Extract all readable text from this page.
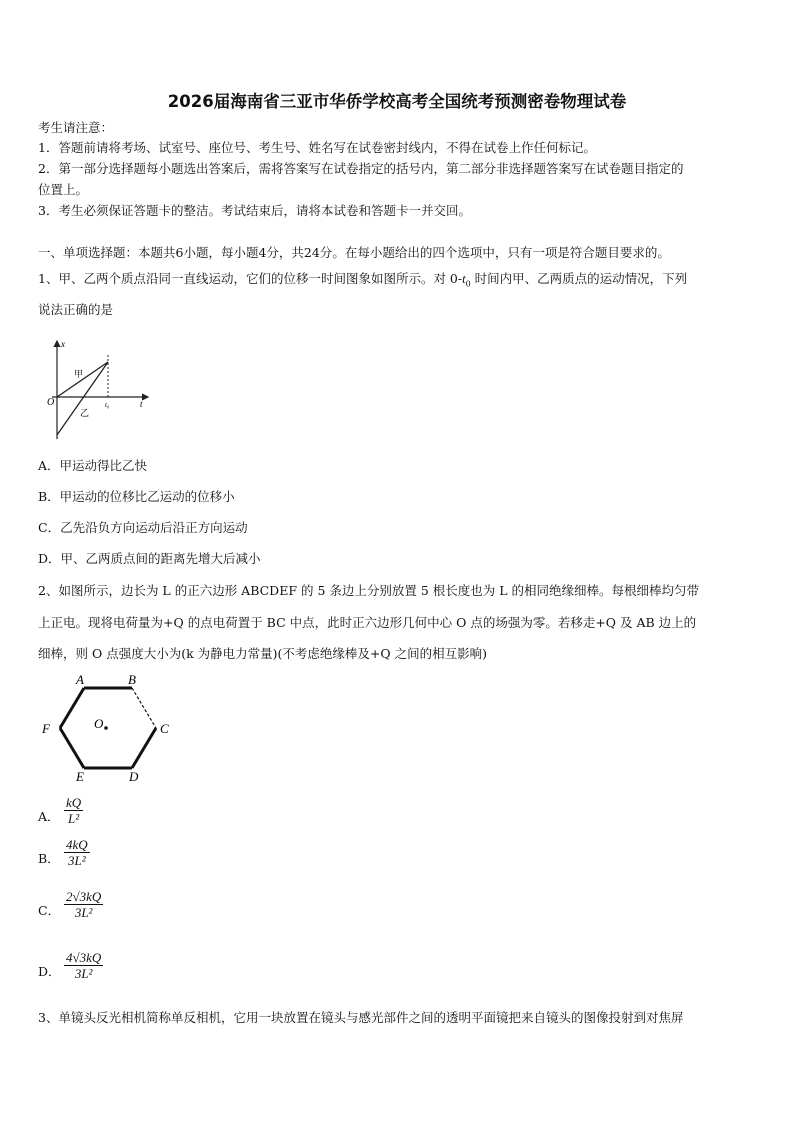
2026届海南省三亚市华侨学校高考全国统考预测密卷物理试卷
考生请注意：
1．答题前请将考场、试室号、座位号、考生号、姓名写在试卷密封线内，不得在试卷上作任何标记。
2．第一部分选择题每小题选出答案后，需将答案写在试卷指定的括号内，第二部分非选择题答案写在试卷题目指定的
位置上。
3．考生必须保证答题卡的整洁。考试结束后，请将本试卷和答题卡一并交回。
一、单项选择题：本题共6小题，每小题4分，共24分。在每小题给出的四个选项中，只有一项是符合题目要求的。
1、甲、乙两个质点沿同一直线运动，它们的位移一时间图象如图所示。对 $0-t_0$ 时间内甲、乙两质点的运动情况，下列
说法正确的是
x
t
O
甲
乙
t₀
A．甲运动得比乙快
B．甲运动的位移比乙运动的位移小
C．乙先沿负方向运动后沿正方向运动
D．甲、乙两质点间的距离先增大后减小
2、如图所示，边长为 L 的正六边形 ABCDEF 的 5 条边上分别放置 5 根长度也为 L 的相同绝缘细棒。每根细棒均匀带
上正电。现将电荷量为+Q 的点电荷置于 BC 中点，此时正六边形几何中心 O 点的场强为零。若移走+Q 及 AB 边上的
细棒，则 O 点强度大小为(k 为静电力常量)(不考虑绝缘棒及+Q 之间的相互影响)
A	B
C
D
E
F	O
A． $\frac{kQ}{\text{L²}}$
B． $\frac{4kQ}{\text{3L²}}$
C． $\frac{2√3kQ}{\text{3L²}}$
D． $\frac{4√3kQ}{\text{3L²}}$
3、单镜头反光相机简称单反相机，它用一块放置在镜头与感光部件之间的透明平面镜把来自镜头的图像投射到对焦屏
